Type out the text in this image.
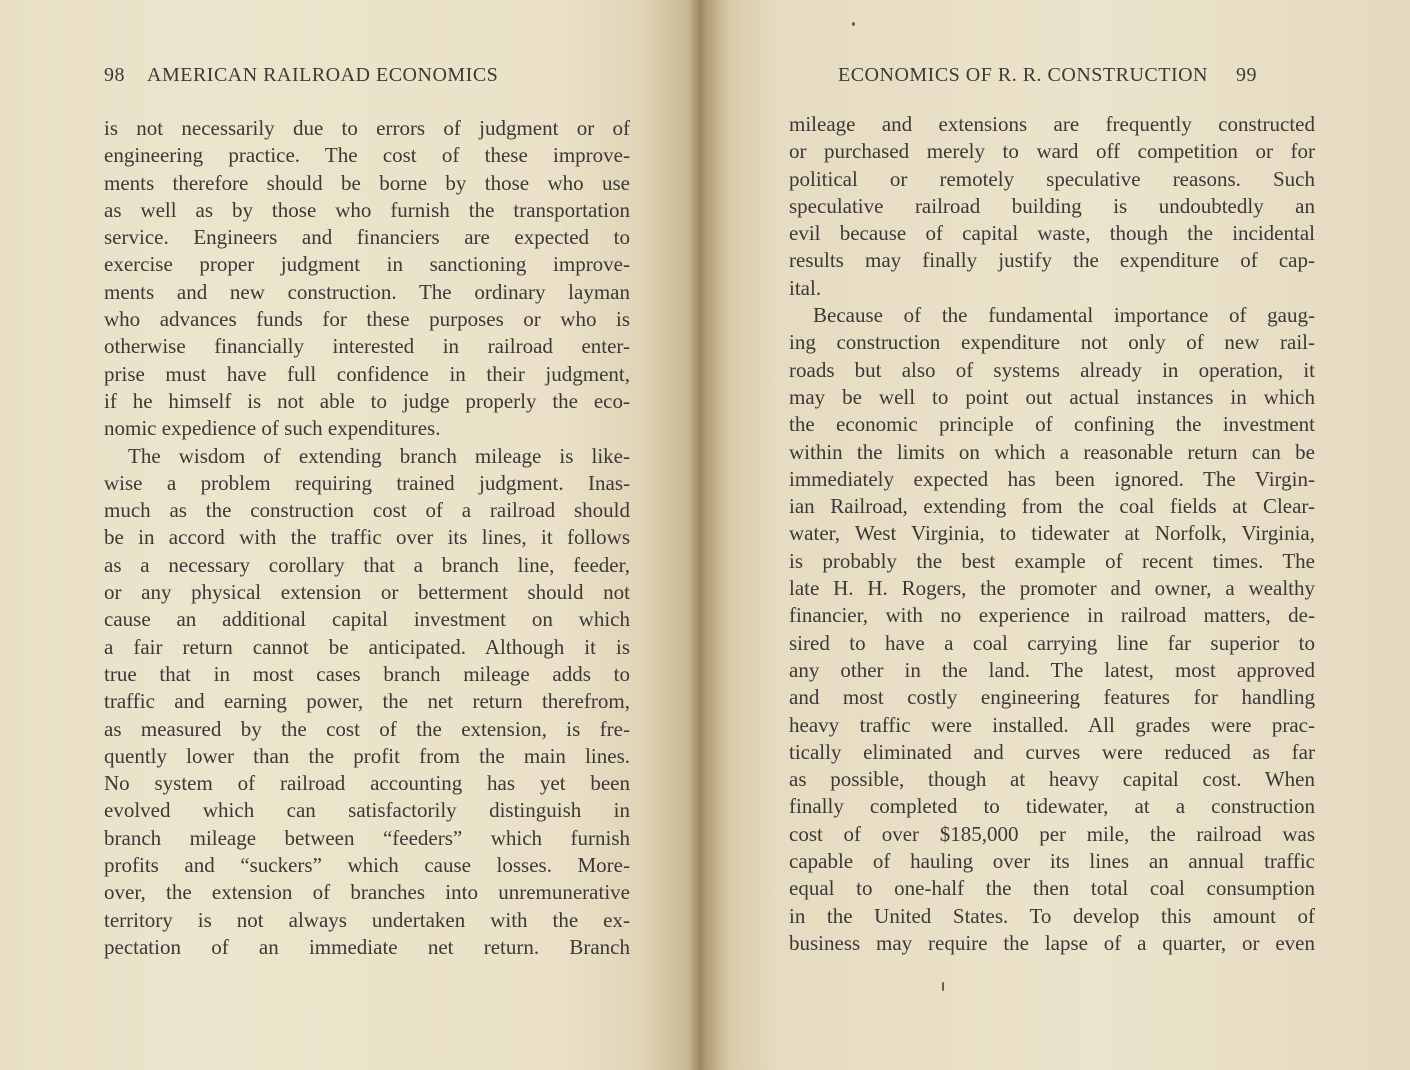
98 AMERICAN RAILROAD ECONOMICS
is not necessarily due to errors of judgment or of
engineering practice. The cost of these improve-
ments therefore should be borne by those who use
as well as by those who furnish the transportation
service. Engineers and financiers are expected to
exercise proper judgment in sanctioning improve-
ments and new construction. The ordinary layman
who advances funds for these purposes or who is
otherwise financially interested in railroad enter-
prise must have full confidence in their judgment,
if he himself is not able to judge properly the eco-
nomic expedience of such expenditures.
The wisdom of extending branch mileage is like-
wise a problem requiring trained judgment. Inas-
much as the construction cost of a railroad should
be in accord with the traffic over its lines, it follows
as a necessary corollary that a branch line, feeder,
or any physical extension or betterment should not
cause an additional capital investment on which
a fair return cannot be anticipated. Although it is
true that in most cases branch mileage adds to
traffic and earning power, the net return therefrom,
as measured by the cost of the extension, is fre-
quently lower than the profit from the main lines.
No system of railroad accounting has yet been
evolved which can satisfactorily distinguish in
branch mileage between “feeders” which furnish
profits and “suckers” which cause losses. More-
over, the extension of branches into unremunerative
territory is not always undertaken with the ex-
pectation of an immediate net return. Branch
ECONOMICS OF R. R. CONSTRUCTION 99
mileage and extensions are frequently constructed
or purchased merely to ward off competition or for
political or remotely speculative reasons. Such
speculative railroad building is undoubtedly an
evil because of capital waste, though the incidental
results may finally justify the expenditure of cap-
ital.
Because of the fundamental importance of gaug-
ing construction expenditure not only of new rail-
roads but also of systems already in operation, it
may be well to point out actual instances in which
the economic principle of confining the investment
within the limits on which a reasonable return can be
immediately expected has been ignored. The Virgin-
ian Railroad, extending from the coal fields at Clear-
water, West Virginia, to tidewater at Norfolk, Virginia,
is probably the best example of recent times. The
late H. H. Rogers, the promoter and owner, a wealthy
financier, with no experience in railroad matters, de-
sired to have a coal carrying line far superior to
any other in the land. The latest, most approved
and most costly engineering features for handling
heavy traffic were installed. All grades were prac-
tically eliminated and curves were reduced as far
as possible, though at heavy capital cost. When
finally completed to tidewater, at a construction
cost of over $185,000 per mile, the railroad was
capable of hauling over its lines an annual traffic
equal to one-half the then total coal consumption
in the United States. To develop this amount of
business may require the lapse of a quarter, or even
